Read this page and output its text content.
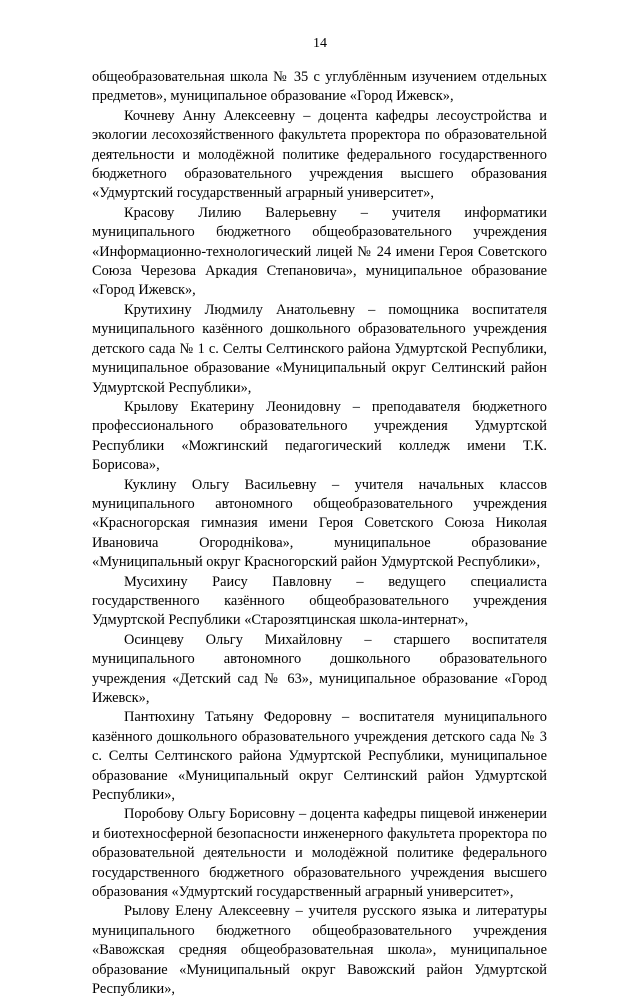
14

общеобразовательная школа № 35 с углублённым изучением отдельных предметов», муниципальное образование «Город Ижевск»,

Кочневу Анну Алексеевну – доцента кафедры лесоустройства и экологии лесохозяйственного факультета проректора по образовательной деятельности и молодёжной политике федерального государственного бюджетного образовательного учреждения высшего образования «Удмуртский государственный аграрный университет»,

Красову Лилию Валерьевну – учителя информатики муниципального бюджетного общеобразовательного учреждения «Информационно-технологический лицей № 24 имени Героя Советского Союза Черезова Аркадия Степановича», муниципальное образование «Город Ижевск»,

Крутихину Людмилу Анатольевну – помощника воспитателя муниципального казённого дошкольного образовательного учреждения детского сада № 1 с. Селты Селтинского района Удмуртской Республики, муниципальное образование «Муниципальный округ Селтинский район Удмуртской Республики»,

Крылову Екатерину Леонидовну – преподавателя бюджетного профессионального образовательного учреждения Удмуртской Республики «Можгинский педагогический колледж имени Т.К. Борисова»,

Куклину Ольгу Васильевну – учителя начальных классов муниципального автономного общеобразовательного учреждения «Красногорская гимназия имени Героя Советского Союза Николая Ивановича Огороднikова», муниципальное образование «Муниципальный округ Красногорский район Удмуртской Республики»,

Мусихину Раису Павловну – ведущего специалиста государственного казённого общеобразовательного учреждения Удмуртской Республики «Старозятцинская школа-интернат»,

Осинцеву Ольгу Михайловну – старшего воспитателя муниципального автономного дошкольного образовательного учреждения «Детский сад № 63», муниципальное образование «Город Ижевск»,

Пантюхину Татьяну Федоровну – воспитателя муниципального казённого дошкольного образовательного учреждения детского сада № 3 с. Селты Селтинского района Удмуртской Республики, муниципальное образование «Муниципальный округ Селтинский район Удмуртской Республики»,

Поробову Ольгу Борисовну – доцента кафедры пищевой инженерии и биотехносферной безопасности инженерного факультета проректора по образовательной деятельности и молодёжной политике федерального государственного бюджетного образовательного учреждения высшего образования «Удмуртский государственный аграрный университет»,

Рылову Елену Алексеевну – учителя русского языка и литературы муниципального бюджетного общеобразовательного учреждения «Вавожская средняя общеобразовательная школа», муниципальное образование «Муниципальный округ Вавожский район Удмуртской Республики»,
